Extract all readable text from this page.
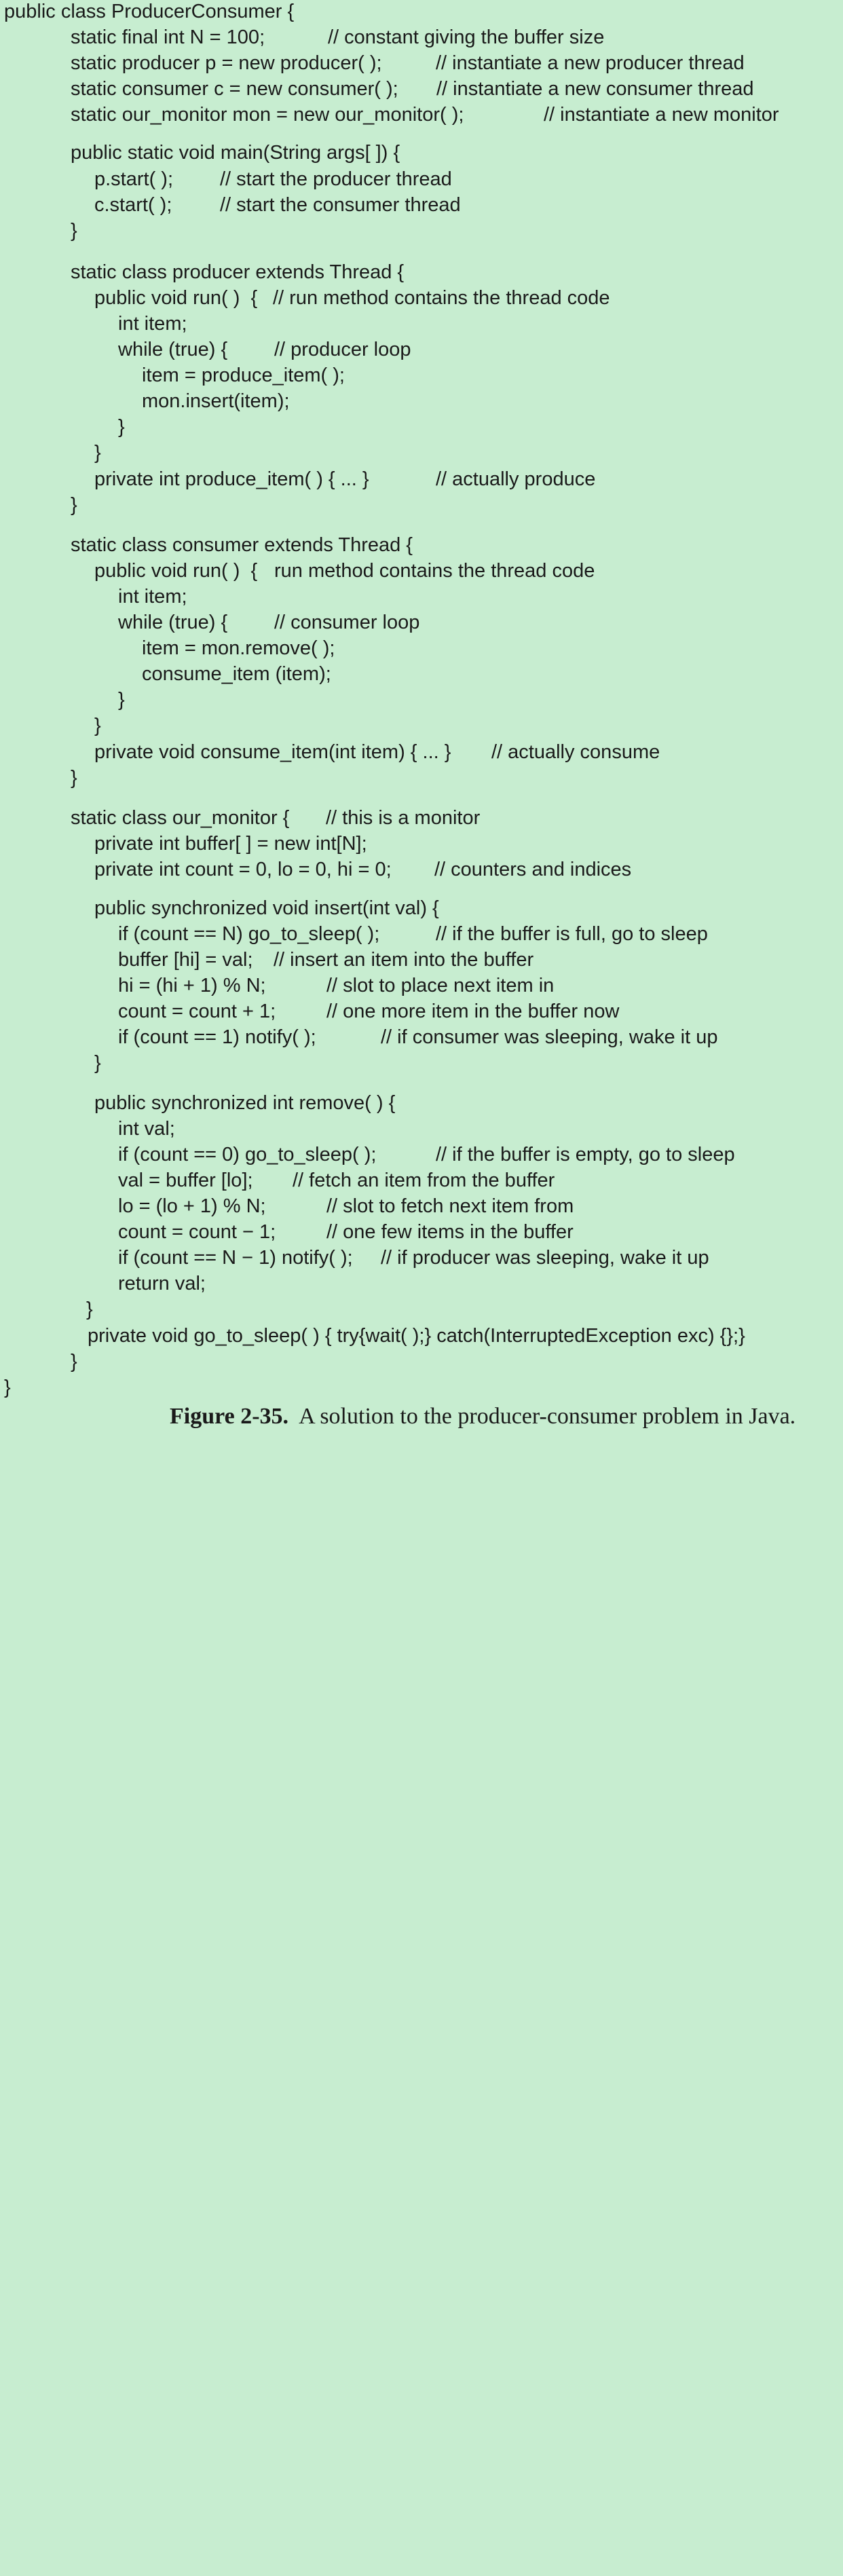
public class ProducerConsumer {

static final int N = 100;

	// constant giving the buffer size

static producer p = new producer( );

	// instantiate a new producer thread

static consumer c = new consumer( );

// instantiate a new consumer thread

static our_monitor mon = new our_monitor( );

	// instantiate a new monitor

public static void main(String args[ ]) {

p.start( );

// start the producer thread

c.start( );

// start the consumer thread

}

static class producer extends Thread {

public void run( )  {

// run method contains the thread code

int item;

while (true) {

// producer loop

item = produce_item( );

mon.insert(item);

}

}

private int produce_item( ) { ... }

	// actually produce

}

static class consumer extends Thread {

public void run( )  {

run method contains the thread code

int item;

while (true) {

// consumer loop

item = mon.remove( );

consume_item (item);

}

}

private void consume_item(int item) { ... }

// actually consume

}

static class our_monitor {

// this is a monitor

private int buffer[ ] = new int[N];

private int count = 0, lo = 0, hi = 0;

// counters and indices

public synchronized void insert(int val) {

if (count == N) go_to_sleep( );

	// if the buffer is full, go to sleep

buffer [hi] = val;

// insert an item into the buffer

hi = (hi + 1) % N;

	// slot to place next item in

count = count + 1;

	// one more item in the buffer now

if (count == 1) notify( );

	// if consumer was sleeping, wake it up

}

public synchronized int remove( ) {

int val;

if (count == 0) go_to_sleep( );

	// if the buffer is empty, go to sleep

val = buffer [lo];

// fetch an item from the buffer

lo = (lo + 1) % N;

	// slot to fetch next item from

count = count − 1;

	// one few items in the buffer

if (count == N − 1) notify( );

// if producer was sleeping, wake it up

return val;

}

private void go_to_sleep( ) { try{wait( );} catch(InterruptedException exc) {};}

}

}

Figure 2-35. A solution to the producer-consumer problem in Java.
